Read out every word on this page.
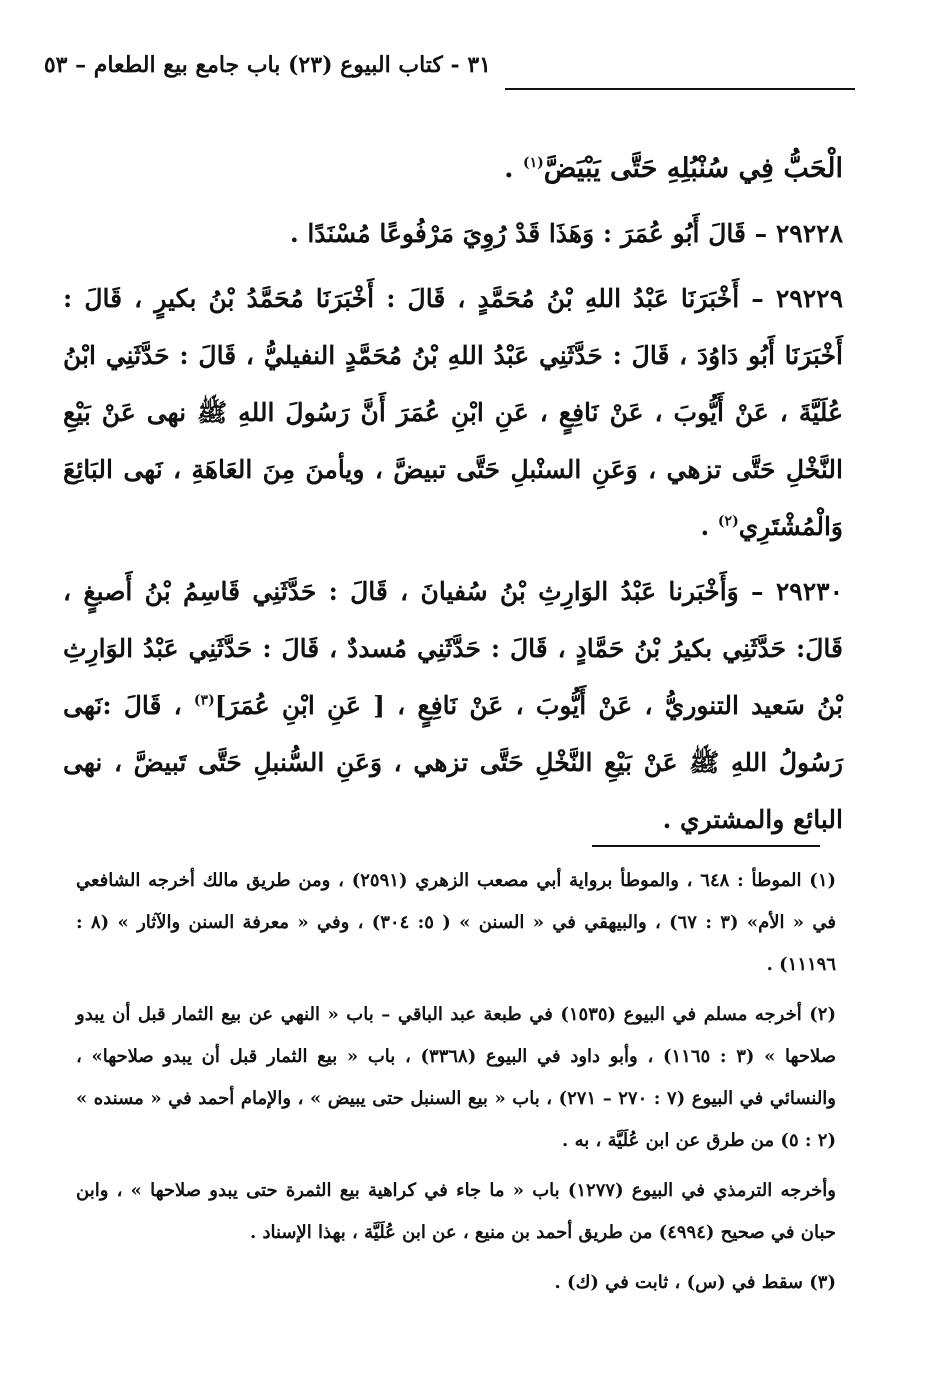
٣١ - كتاب البيوع (٢٣) باب جامع بيع الطعام – ٥٣

الْحَبُّ فِي سُنْبُلِهِ حَتَّى يَبْيَضَّ$^{(١)}$ .

٢٩٢٢٨ – قَالَ أَبُو عُمَرَ : وَهَذَا قَدْ رُوِيَ مَرْفُوعًا مُسْنَدًا .

٢٩٢٢٩ – أَخْبَرَنَا عَبْدُ اللهِ بْنُ مُحَمَّدٍ ، قَالَ : أَخْبَرَنَا مُحَمَّدُ بْنُ بكيرٍ ، قَالَ : أَخْبَرَنَا أَبُو دَاوُدَ ، قَالَ : حَدَّثَنِي عَبْدُ اللهِ بْنُ مُحَمَّدٍ النفيليُّ ، قَالَ : حَدَّثَنِي ابْنُ عُلَيَّةَ ، عَنْ أَيُّوبَ ، عَنْ نَافِعٍ ، عَنِ ابْنِ عُمَرَ أَنَّ رَسُولَ اللهِ ﷺ نهى عَنْ بَيْعِ النَّخْلِ حَتَّى تزهي ، وَعَنِ السنْبلِ حَتَّى تبيضَّ ، ويأمنَ مِنَ العَاهَةِ ، نَهى البَائِعَ وَالْمُشْتَرِي$^{(٢)}$ .

٢٩٢٣٠ – وَأَخْبَرنا عَبْدُ الوَارِثِ بْنُ سُفيانَ ، قَالَ : حَدَّثَنِي قَاسِمُ بْنُ أَصبغٍ ، قَالَ: حَدَّثَنِي بكيرُ بْنُ حَمَّادٍ ، قَالَ : حَدَّثَنِي مُسددٌ ، قَالَ : حَدَّثَنِي عَبْدُ الوَارِثِ بْنُ سَعيد التنوريُّ ، عَنْ أَيُّوبَ ، عَنْ نَافِعٍ ، [ عَنِ ابْنِ عُمَرَ]$^{(٣)}$ ، قَالَ :نَهى رَسُولُ اللهِ ﷺ عَنْ بَيْعِ النَّخْلِ حَتَّى تزهي ، وَعَنِ السُّنبلِ حَتَّى تَبيضَّ ، نهى البائع والمشتري .

(١) الموطأ : ٦٤٨ ، والموطأ برواية أبي مصعب الزهري (٢٥٩١) ، ومن طريق مالك أخرجه الشافعي في « الأم» (٣ : ٦٧) ، والبيهقي في « السنن » ( ٥: ٣٠٤) ، وفي « معرفة السنن والآثار » (٨ : ١١١٩٦) .

(٢) أخرجه مسلم في البيوع (١٥٣٥) في طبعة عبد الباقي – باب « النهي عن بيع الثمار قبل أن يبدو صلاحها » (٣ : ١١٦٥) ، وأبو داود في البيوع (٣٣٦٨) ، باب « بيع الثمار قبل أن يبدو صلاحها» ، والنسائي في البيوع (٧ : ٢٧٠ – ٢٧١) ، باب « بيع السنبل حتى يبيض » ، والإمام أحمد في « مسنده » (٢ : ٥) من طرق عن ابن عُلَيَّة ، به .

وأخرجه الترمذي في البيوع (١٢٧٧) باب « ما جاء في كراهية بيع الثمرة حتى يبدو صلاحها » ، وابن حبان في صحيح (٤٩٩٤) من طريق أحمد بن منيع ، عن ابن عُلَيَّة ، بهذا الإسناد .

(٣) سقط في (س) ، ثابت في (ك) .
